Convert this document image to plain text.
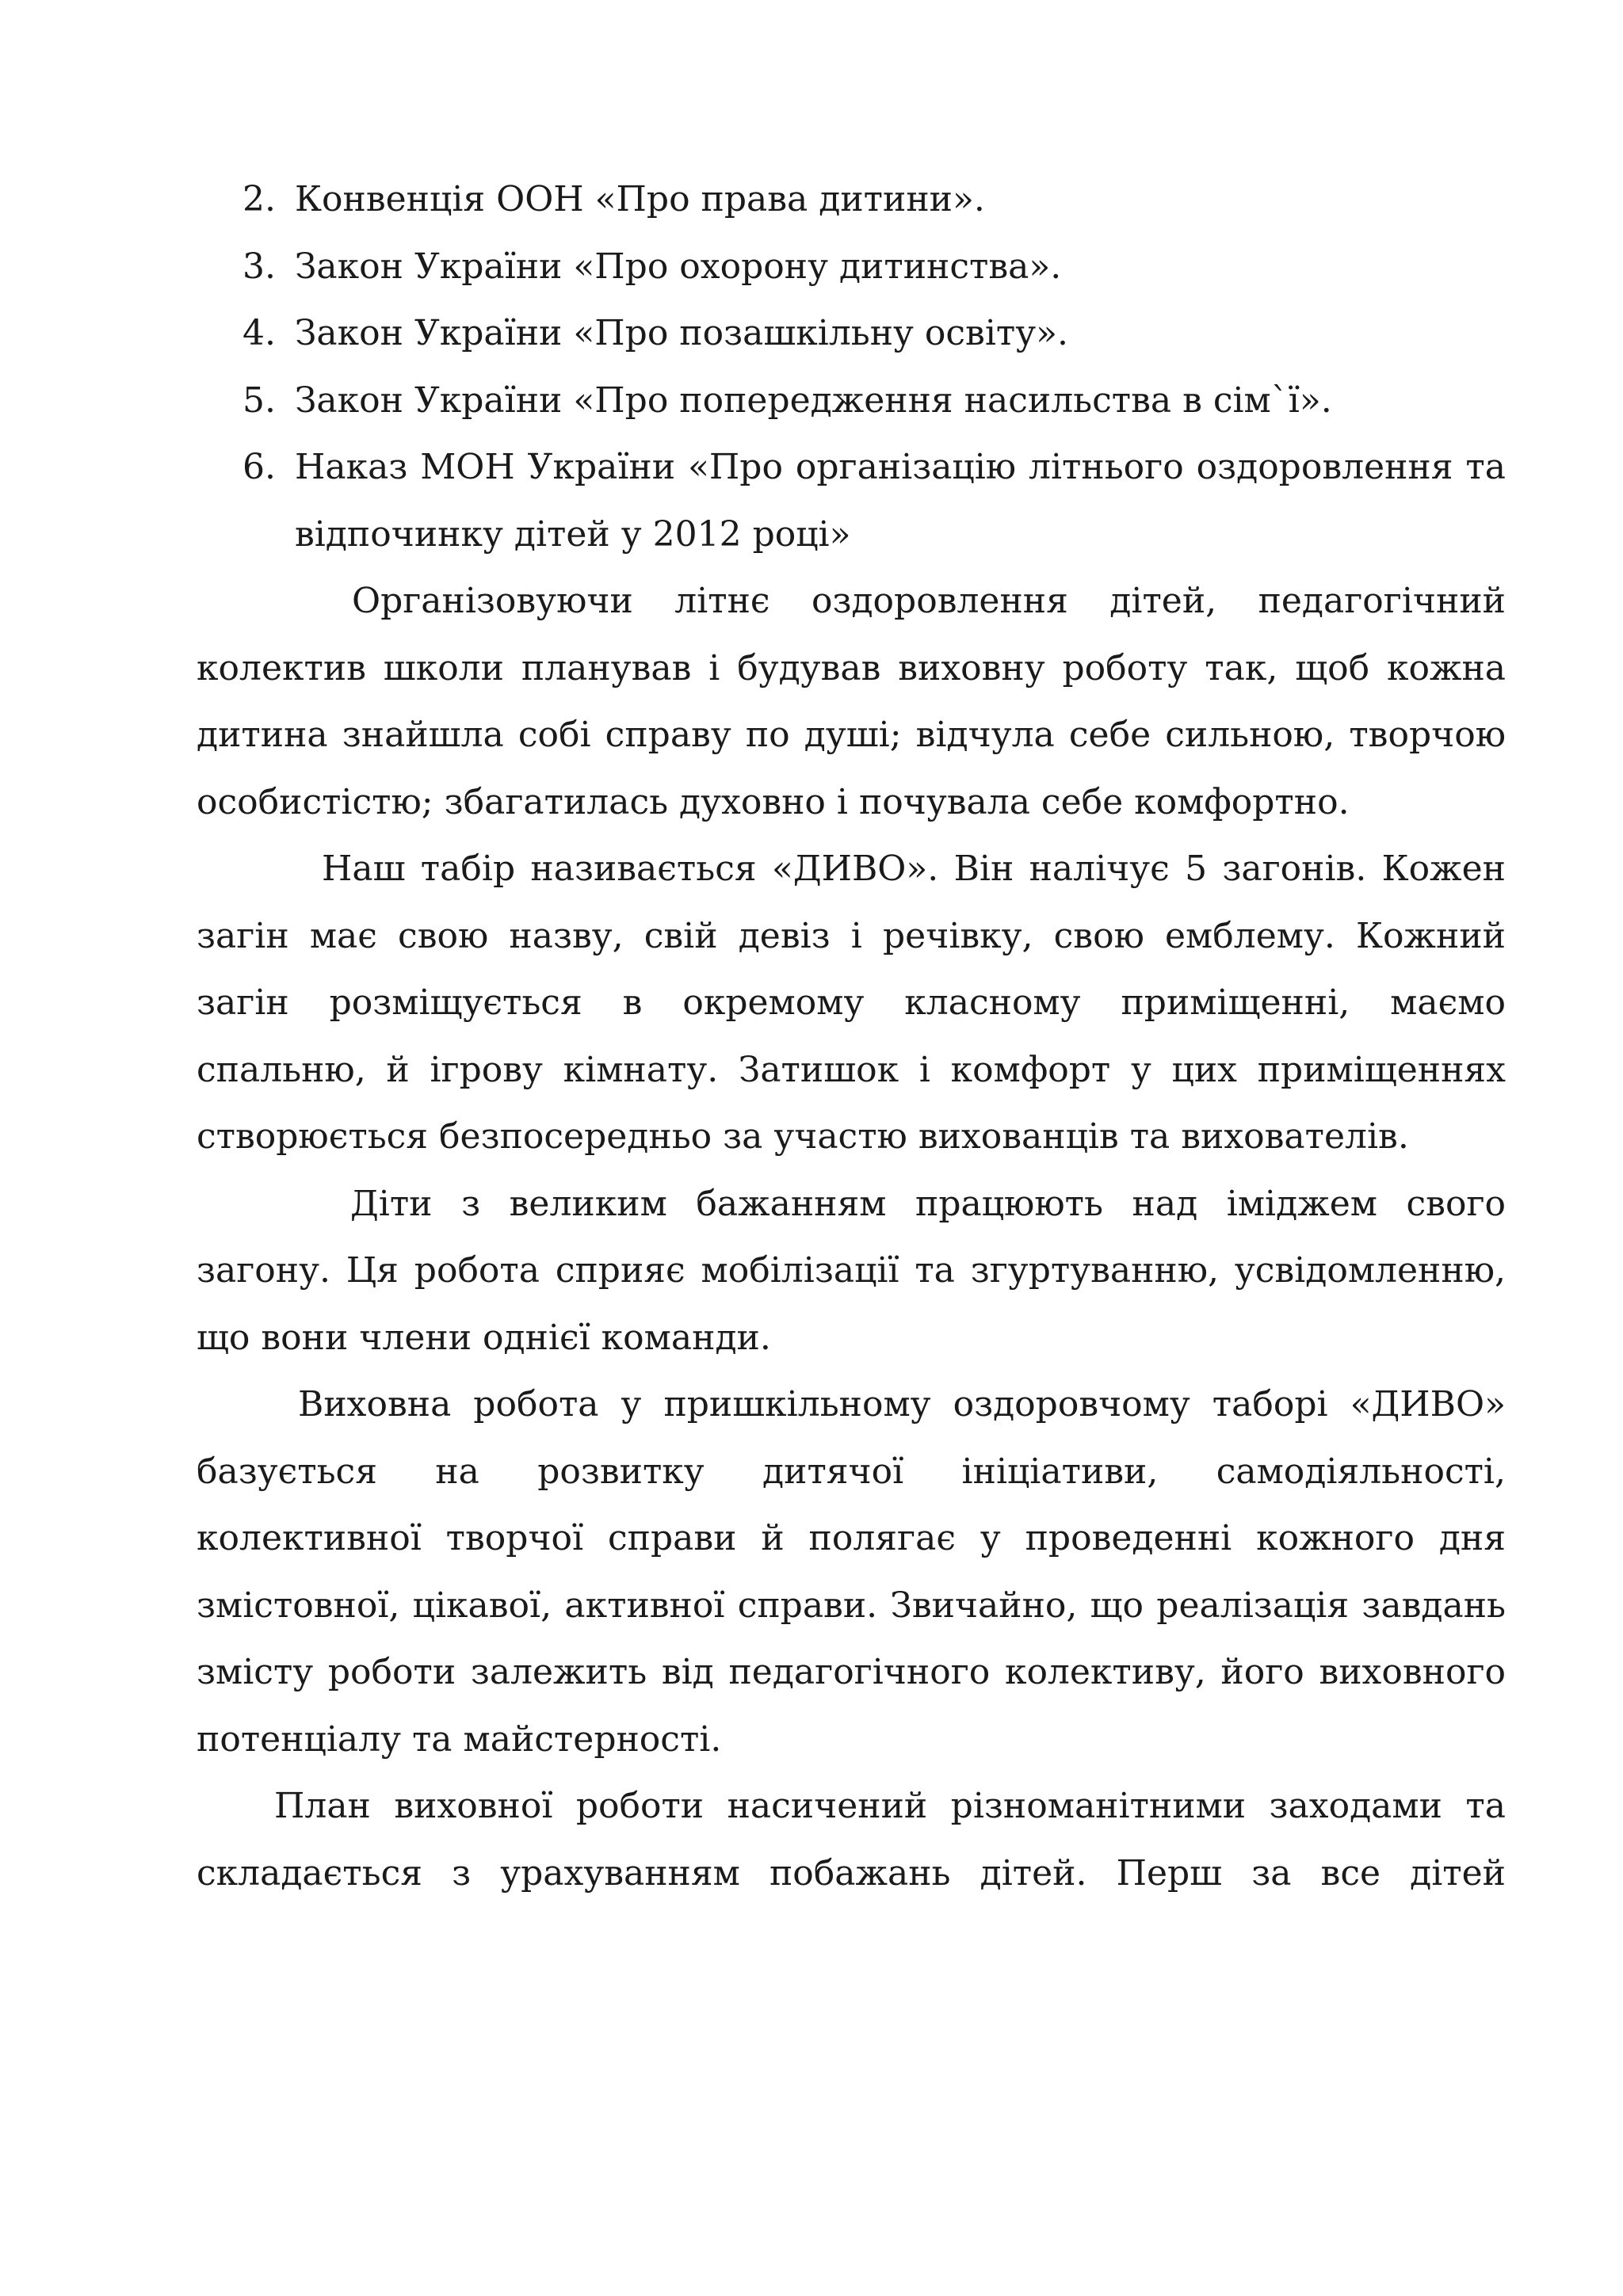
2. Конвенція ООН «Про права дитини».
3. Закон України «Про охорону дитинства».
4. Закон України «Про позашкільну освіту».
5. Закон України «Про попередження насильства в сім`ї».
6. Наказ МОН України «Про організацію літнього оздоровлення та відпочинку дітей у 2012 році»

Організовуючи літнє оздоровлення дітей, педагогічний колектив школи планував і будував виховну роботу так, щоб кожна дитина знайшла собі справу по душі; відчула себе сильною, творчою особистістю; збагатилась духовно і почувала себе комфортно.

Наш табір називається «ДИВО». Він налічує 5 загонів. Кожен загін має свою назву, свій девіз і речівку, свою емблему. Кожний загін розміщується в окремому класному приміщенні, маємо спальню, й ігрову кімнату. Затишок і комфорт у цих приміщеннях створюється безпосередньо за участю вихованців та вихователів.

Діти з великим бажанням працюють над іміджем свого загону. Ця робота сприяє мобілізації та згуртуванню, усвідомленню, що вони члени однієї команди.

Виховна робота у пришкільному оздоровчому таборі «ДИВО» базується на розвитку дитячої ініціативи, самодіяльності, колективної творчої справи й полягає у проведенні кожного дня змістовної, цікавої, активної справи. Звичайно, що реалізація завдань змісту роботи залежить від педагогічного колективу, його виховного потенціалу та майстерності.

План виховної роботи насичений різноманітними заходами та складається з урахуванням побажань дітей. Перш за все дітей
